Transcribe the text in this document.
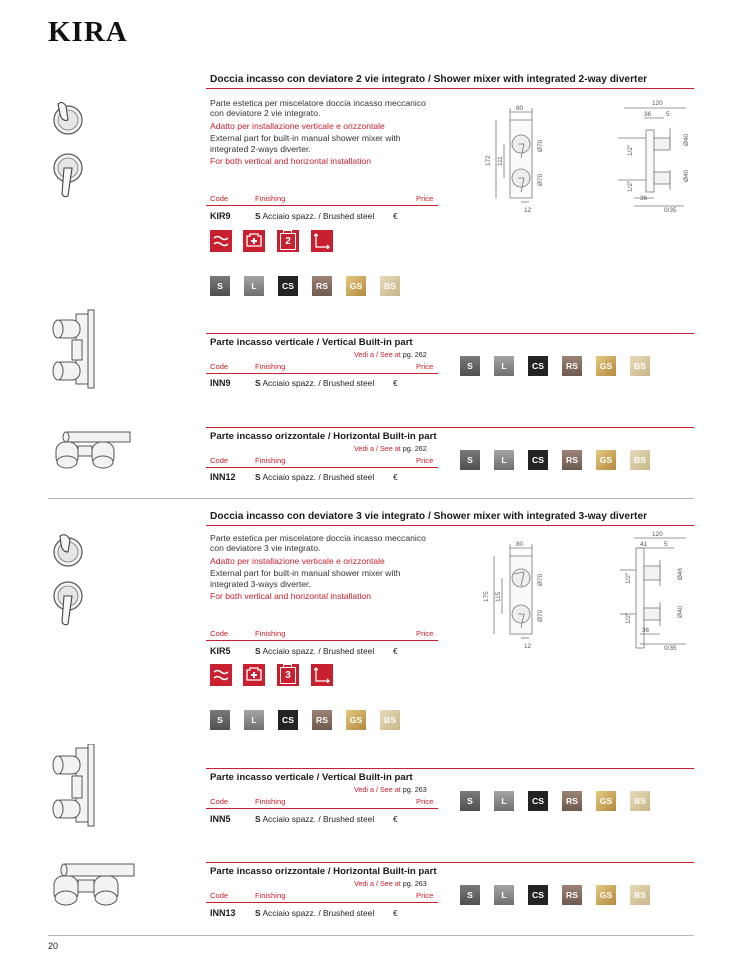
KIRA
Doccia incasso con deviatore 2 vie integrato / Shower mixer with integrated 2-way diverter

Parte estetica per miscelatore doccia incasso meccanico con deviatore 2 vie integrato.

Adatto per installazione verticale e orizzontale

External part for built-in manual shower mixer with integrated 2-ways diverter.

For both vertical and horizontal installation

80
172 111
Ø70
Ø70
12
120
36 5
1/2"
1/2"
Ø40
Ø40
36
0/35
Code	Finishing	Price
KIR9	S Acciaio spazz. / Brushed steel €
2
S	L	CS	RS	GS	BS
Parte incasso verticale / Vertical Built-in part
Vedi a / See at pg. 262
Code	Finishing	Price
INN9	S Acciaio spazz. / Brushed steel €
S	L	CS	RS	GS	BS
Parte incasso orizzontale / Horizontal Built-in part
Vedi a / See at pg. 262
Code	Finishing	Price
INN12 S Acciaio spazz. / Brushed steel €
S	L	CS	RS	GS	BS
Doccia incasso con deviatore 3 vie integrato / Shower mixer with integrated 3-way diverter

Parte estetica per miscelatore doccia incasso meccanico con deviatore 3 vie integrato.

Adatto per installazione verticale e orizzontale

External part for built-in manual shower mixer with integrated 3-ways diverter.

For both vertical and horizontal installation

80
175 115
Ø70
Ø70
12
120
41	5
1/2"
1/2"
Ø46
Ø40
36
0/35
Code	Finishing	Price
KIR5	S Acciaio spazz. / Brushed steel €
3
S	L	CS	RS	GS	BS
Parte incasso verticale / Vertical Built-in part
Vedi a / See at pg. 263
Code	Finishing	Price
INN5	S Acciaio spazz. / Brushed steel €
S	L	CS	RS	GS	BS
Parte incasso orizzontale / Horizontal Built-in part
Vedi a / See at pg. 263
Code	Finishing	Price
INN13 S Acciaio spazz. / Brushed steel €
S	L	CS	RS	GS	BS
20
